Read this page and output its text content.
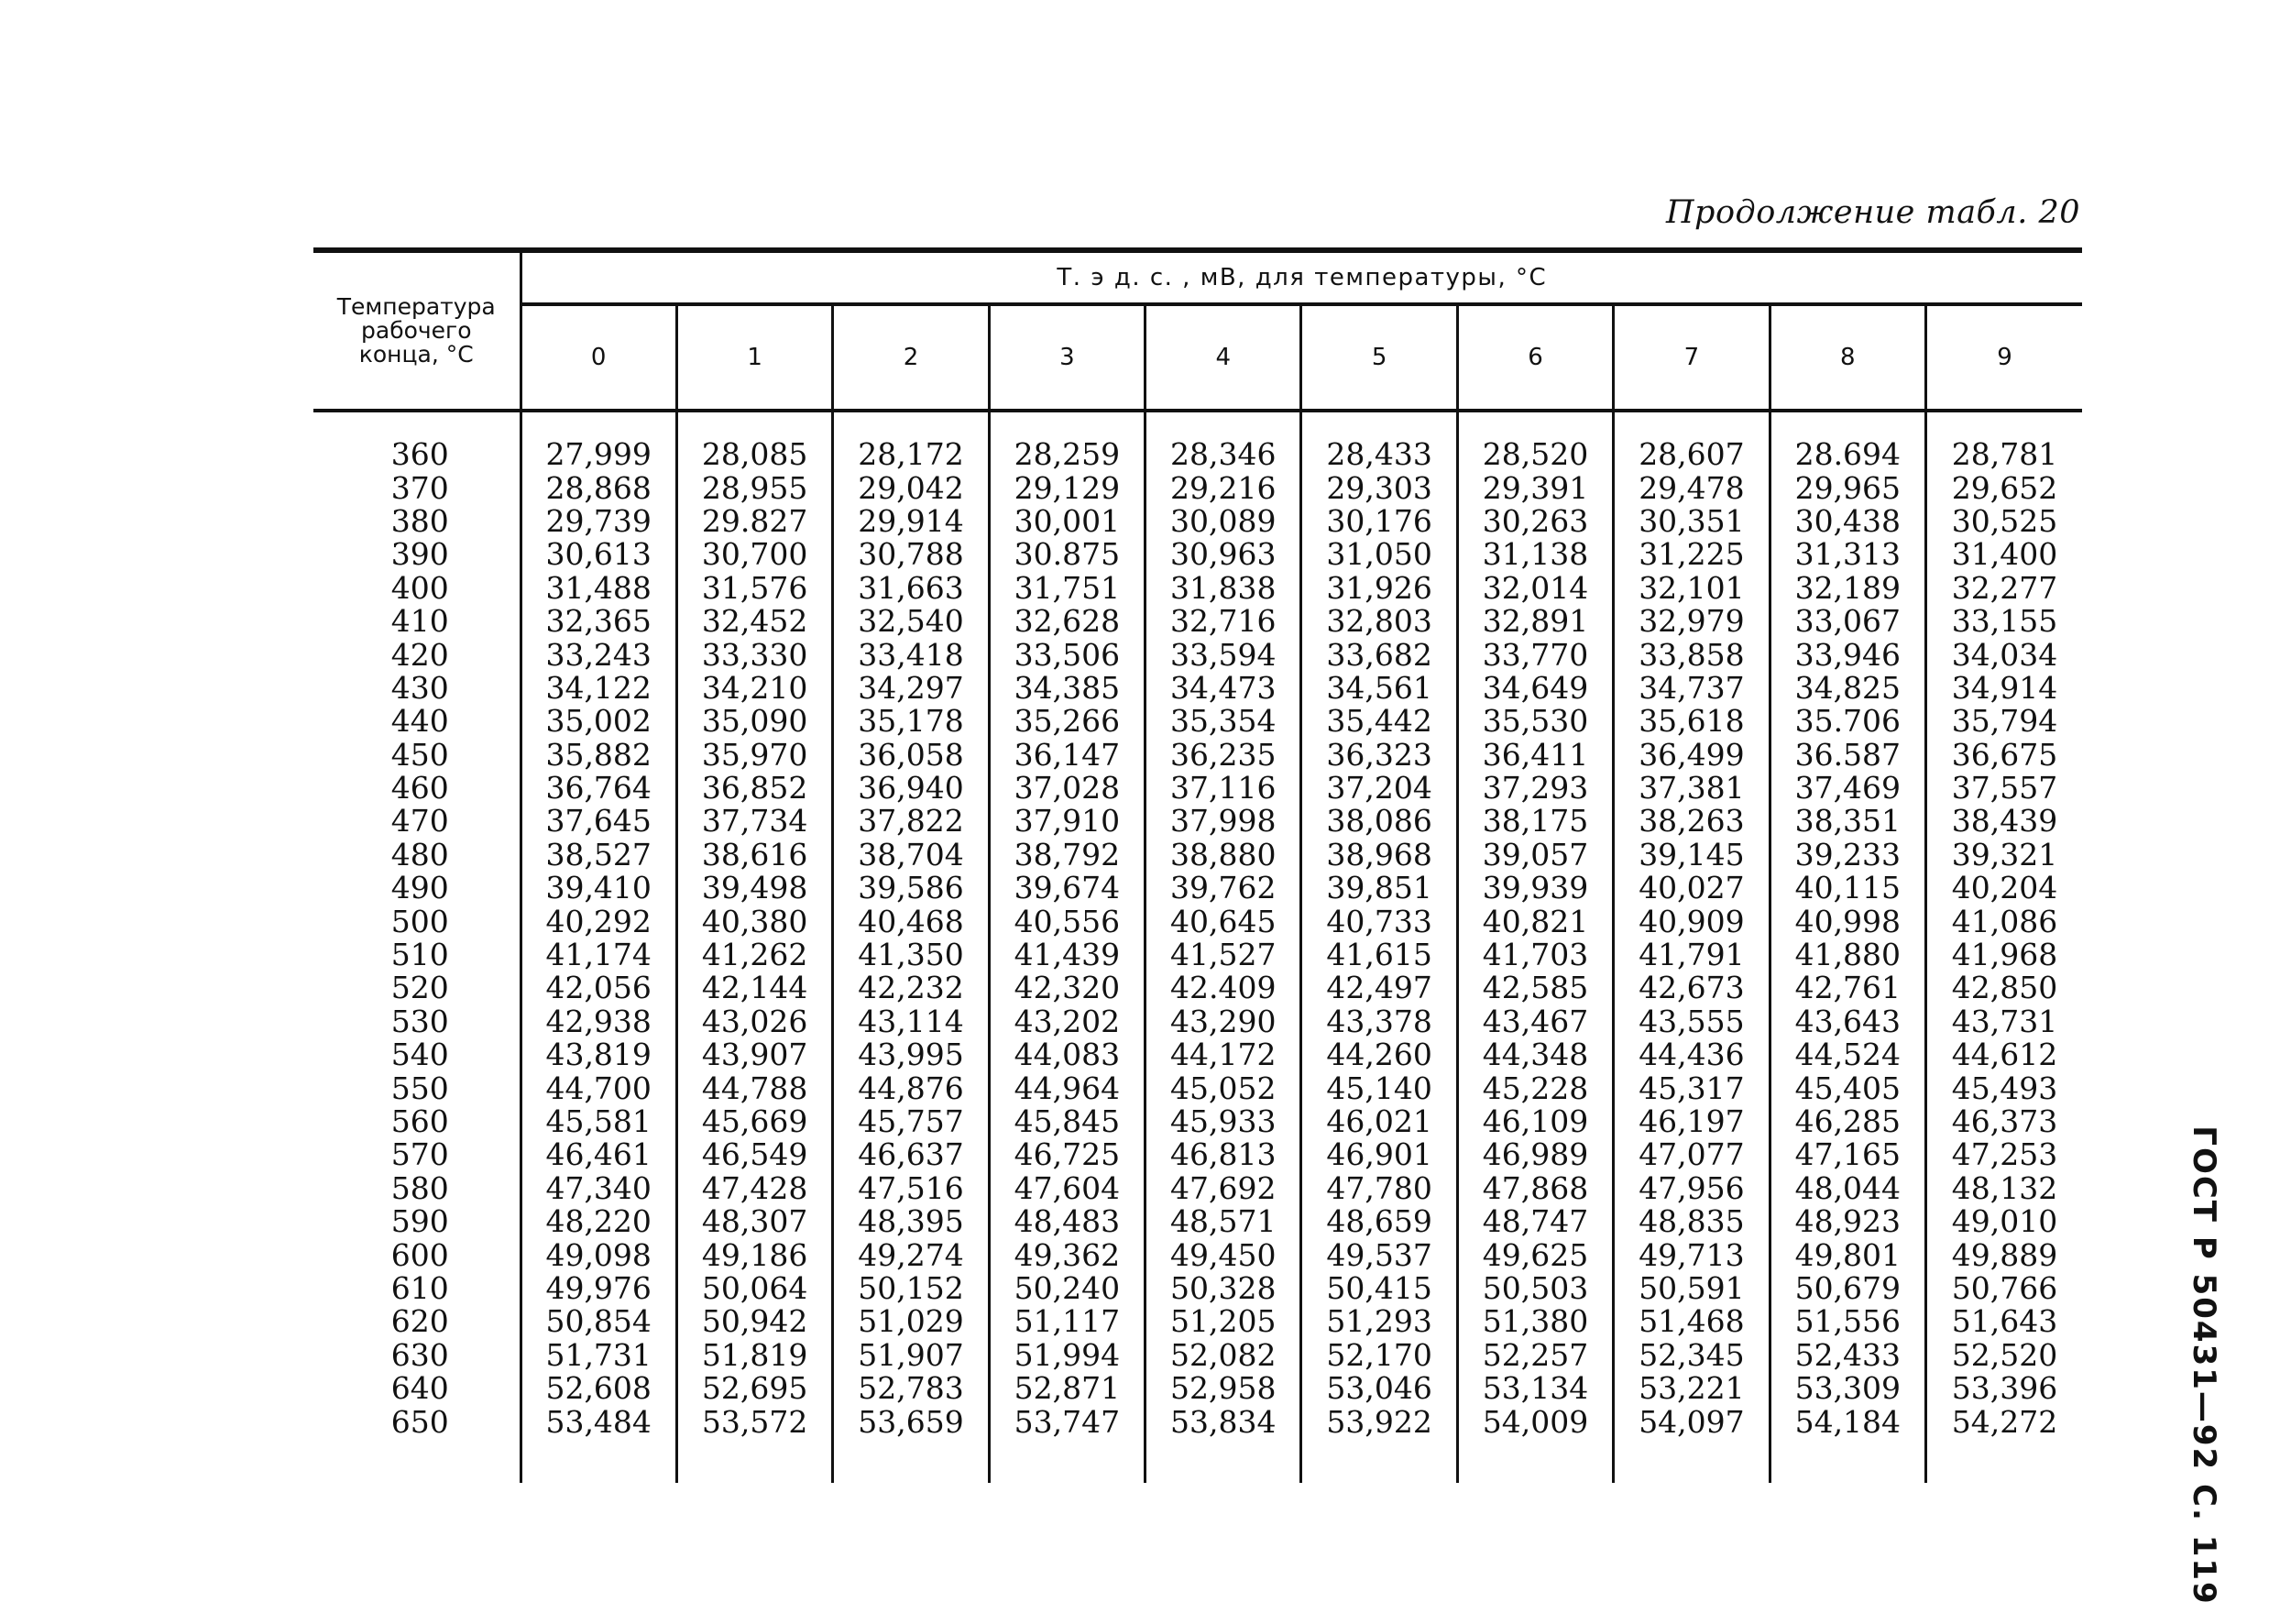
Продолжение табл. 20
Температура
рабочего
конца, °С	Т. э д. с. , мВ, для температуры, °С									
	0	1	2	3	4	5	6	7	8	9

360	27,999	28,085	28,172	28,259	28,346	28,433	28,520	28,607	28.694	28,781
370	28,868	28,955	29,042	29,129	29,216	29,303	29,391	29,478	29,965	29,652
380	29,739	29.827	29,914	30,001	30,089	30,176	30,263	30,351	30,438	30,525
390	30,613	30,700	30,788	30.875	30,963	31,050	31,138	31,225	31,313	31,400
400	31,488	31,576	31,663	31,751	31,838	31,926	32,014	32,101	32,189	32,277
410	32,365	32,452	32,540	32,628	32,716	32,803	32,891	32,979	33,067	33,155
420	33,243	33,330	33,418	33,506	33,594	33,682	33,770	33,858	33,946	34,034
430	34,122	34,210	34,297	34,385	34,473	34,561	34,649	34,737	34,825	34,914
440	35,002	35,090	35,178	35,266	35,354	35,442	35,530	35,618	35.706	35,794
450	35,882	35,970	36,058	36,147	36,235	36,323	36,411	36,499	36.587	36,675
460	36,764	36,852	36,940	37,028	37,116	37,204	37,293	37,381	37,469	37,557
470	37,645	37,734	37,822	37,910	37,998	38,086	38,175	38,263	38,351	38,439
480	38,527	38,616	38,704	38,792	38,880	38,968	39,057	39,145	39,233	39,321
490	39,410	39,498	39,586	39,674	39,762	39,851	39,939	40,027	40,115	40,204
500	40,292	40,380	40,468	40,556	40,645	40,733	40,821	40,909	40,998	41,086
510	41,174	41,262	41,350	41,439	41,527	41,615	41,703	41,791	41,880	41,968
520	42,056	42,144	42,232	42,320	42.409	42,497	42,585	42,673	42,761	42,850
530	42,938	43,026	43,114	43,202	43,290	43,378	43,467	43,555	43,643	43,731
540	43,819	43,907	43,995	44,083	44,172	44,260	44,348	44,436	44,524	44,612
550	44,700	44,788	44,876	44,964	45,052	45,140	45,228	45,317	45,405	45,493
560	45,581	45,669	45,757	45,845	45,933	46,021	46,109	46,197	46,285	46,373
570	46,461	46,549	46,637	46,725	46,813	46,901	46,989	47,077	47,165	47,253
580	47,340	47,428	47,516	47,604	47,692	47,780	47,868	47,956	48,044	48,132
590	48,220	48,307	48,395	48,483	48,571	48,659	48,747	48,835	48,923	49,010
600	49,098	49,186	49,274	49,362	49,450	49,537	49,625	49,713	49,801	49,889
610	49,976	50,064	50,152	50,240	50,328	50,415	50,503	50,591	50,679	50,766
620	50,854	50,942	51,029	51,117	51,205	51,293	51,380	51,468	51,556	51,643
630	51,731	51,819	51,907	51,994	52,082	52,170	52,257	52,345	52,433	52,520
640	52,608	52,695	52,783	52,871	52,958	53,046	53,134	53,221	53,309	53,396
650	53,484	53,572	53,659	53,747	53,834	53,922	54,009	54,097	54,184	54,272
											ГОСТ Р 50431—92 С. 119
